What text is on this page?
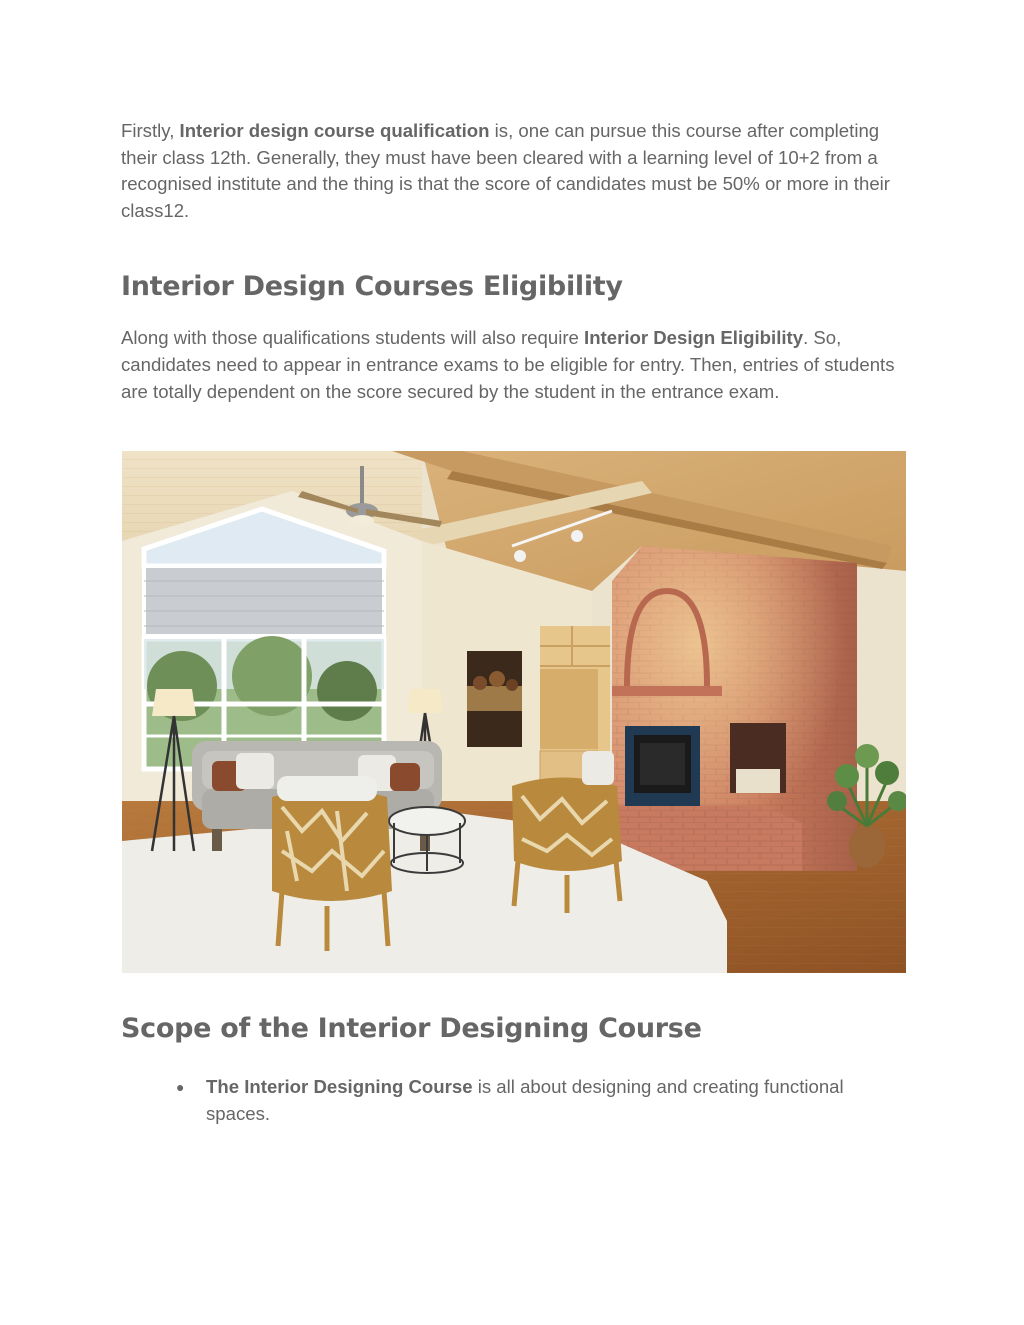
Firstly, Interior design course qualification is, one can pursue this course after completing their class 12th. Generally, they must have been cleared with a learning level of 10+2 from a recognised institute and the thing is that the score of candidates must be 50% or more in their class12.

Interior Design Courses Eligibility

Along with those qualifications students will also require Interior Design Eligibility. So, candidates need to appear in entrance exams to be eligible for entry. Then, entries of students are totally dependent on the score secured by the student in the entrance exam.

Scope of the Interior Designing Course
● The Interior Designing Course is all about designing and creating functional spaces.
